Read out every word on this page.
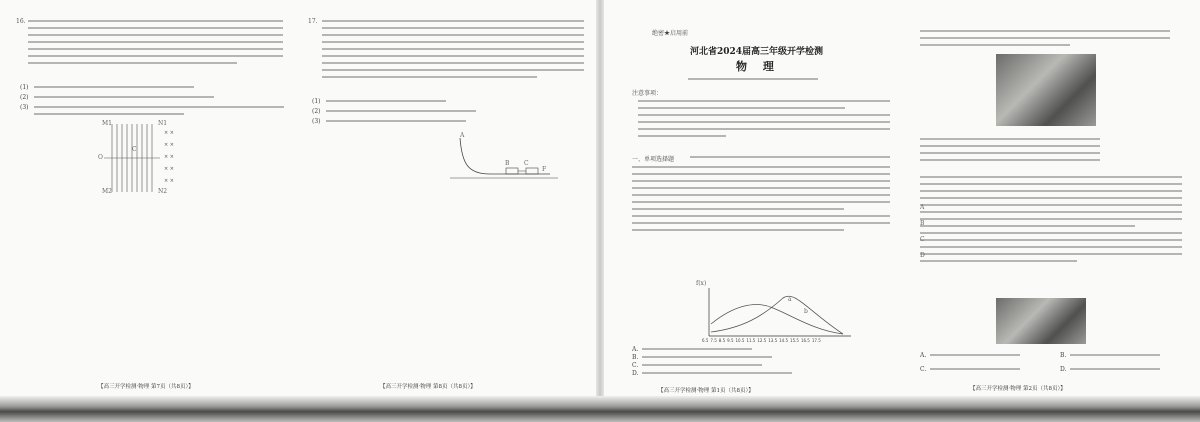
16.
(1)
(2)
(3)
× ×
× ×
× ×
× ×
× ×
M1	N1
M2	N2
C
O
【高三开学检测·物理 第7页（共8页）】
17.
(1)
(2)
(3)
A
B C
F
【高三开学检测·物理 第8页（共8页）】
绝密★启用前
河北省2024届高三年级开学检测
物 理
注意事项：
一、单项选择题
f(x)
a
b
6.5 7.5 8.5 9.5 10.5 11.5 12.5 13.5 14.5 15.5 16.5 17.5
A.
B.
C.
D.
【高三开学检测·物理 第1页（共8页）】
A.	B.
C.	D.
A
B
C
D
【高三开学检测·物理 第2页（共8页）】
